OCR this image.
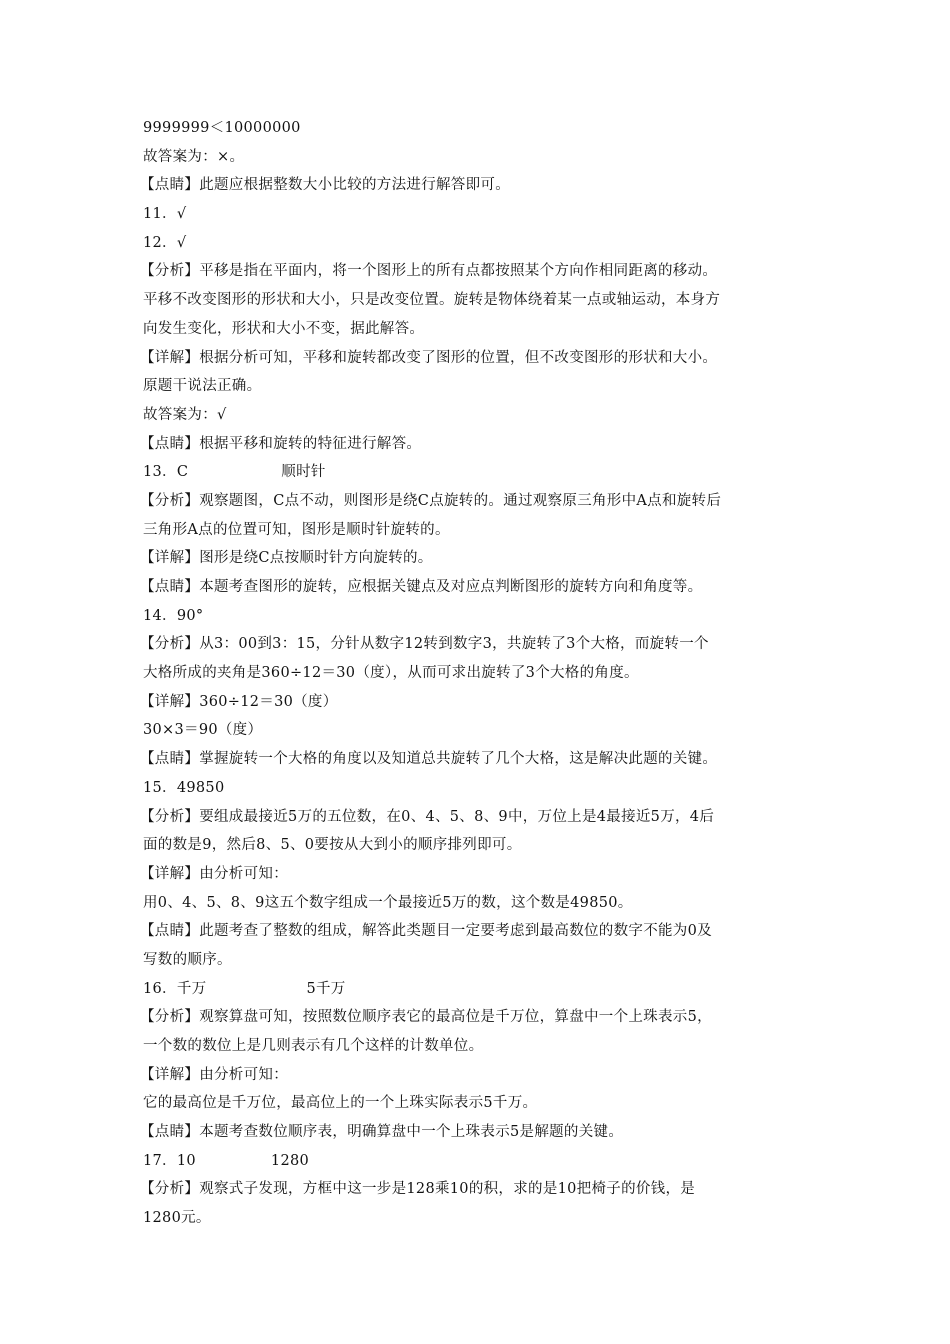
9999999＜10000000
故答案为：×。
【点睛】此题应根据整数大小比较的方法进行解答即可。
11．√
12．√
【分析】平移是指在平面内，将一个图形上的所有点都按照某个方向作相同距离的移动。
平移不改变图形的形状和大小，只是改变位置。旋转是物体绕着某一点或轴运动，本身方
向发生变化，形状和大小不变，据此解答。
【详解】根据分析可知，平移和旋转都改变了图形的位置，但不改变图形的形状和大小。
原题干说法正确。
故答案为：√
【点睛】根据平移和旋转的特征进行解答。
13．C	顺时针
【分析】观察题图，C点不动，则图形是绕C点旋转的。通过观察原三角形中A点和旋转后
三角形A点的位置可知，图形是顺时针旋转的。
【详解】图形是绕C点按顺时针方向旋转的。
【点睛】本题考查图形的旋转，应根据关键点及对应点判断图形的旋转方向和角度等。
14．90°
【分析】从3：00到3：15，分针从数字12转到数字3，共旋转了3个大格，而旋转一个
大格所成的夹角是360÷12＝30（度），从而可求出旋转了3个大格的角度。
【详解】360÷12＝30（度）
30×3＝90（度）
【点睛】掌握旋转一个大格的角度以及知道总共旋转了几个大格，这是解决此题的关键。
15．49850
【分析】要组成最接近5万的五位数，在0、4、5、8、9中，万位上是4最接近5万，4后
面的数是9，然后8、5、0要按从大到小的顺序排列即可。
【详解】由分析可知：
用0、4、5、8、9这五个数字组成一个最接近5万的数，这个数是49850。
【点睛】此题考查了整数的组成，解答此类题目一定要考虑到最高数位的数字不能为0及
写数的顺序。
16．千万	5千万
【分析】观察算盘可知，按照数位顺序表它的最高位是千万位，算盘中一个上珠表示5，
一个数的数位上是几则表示有几个这样的计数单位。
【详解】由分析可知：
它的最高位是千万位，最高位上的一个上珠实际表示5千万。
【点睛】本题考查数位顺序表，明确算盘中一个上珠表示5是解题的关键。
17．10	1280
【分析】观察式子发现，方框中这一步是128乘10的积，求的是10把椅子的价钱，是
1280元。
